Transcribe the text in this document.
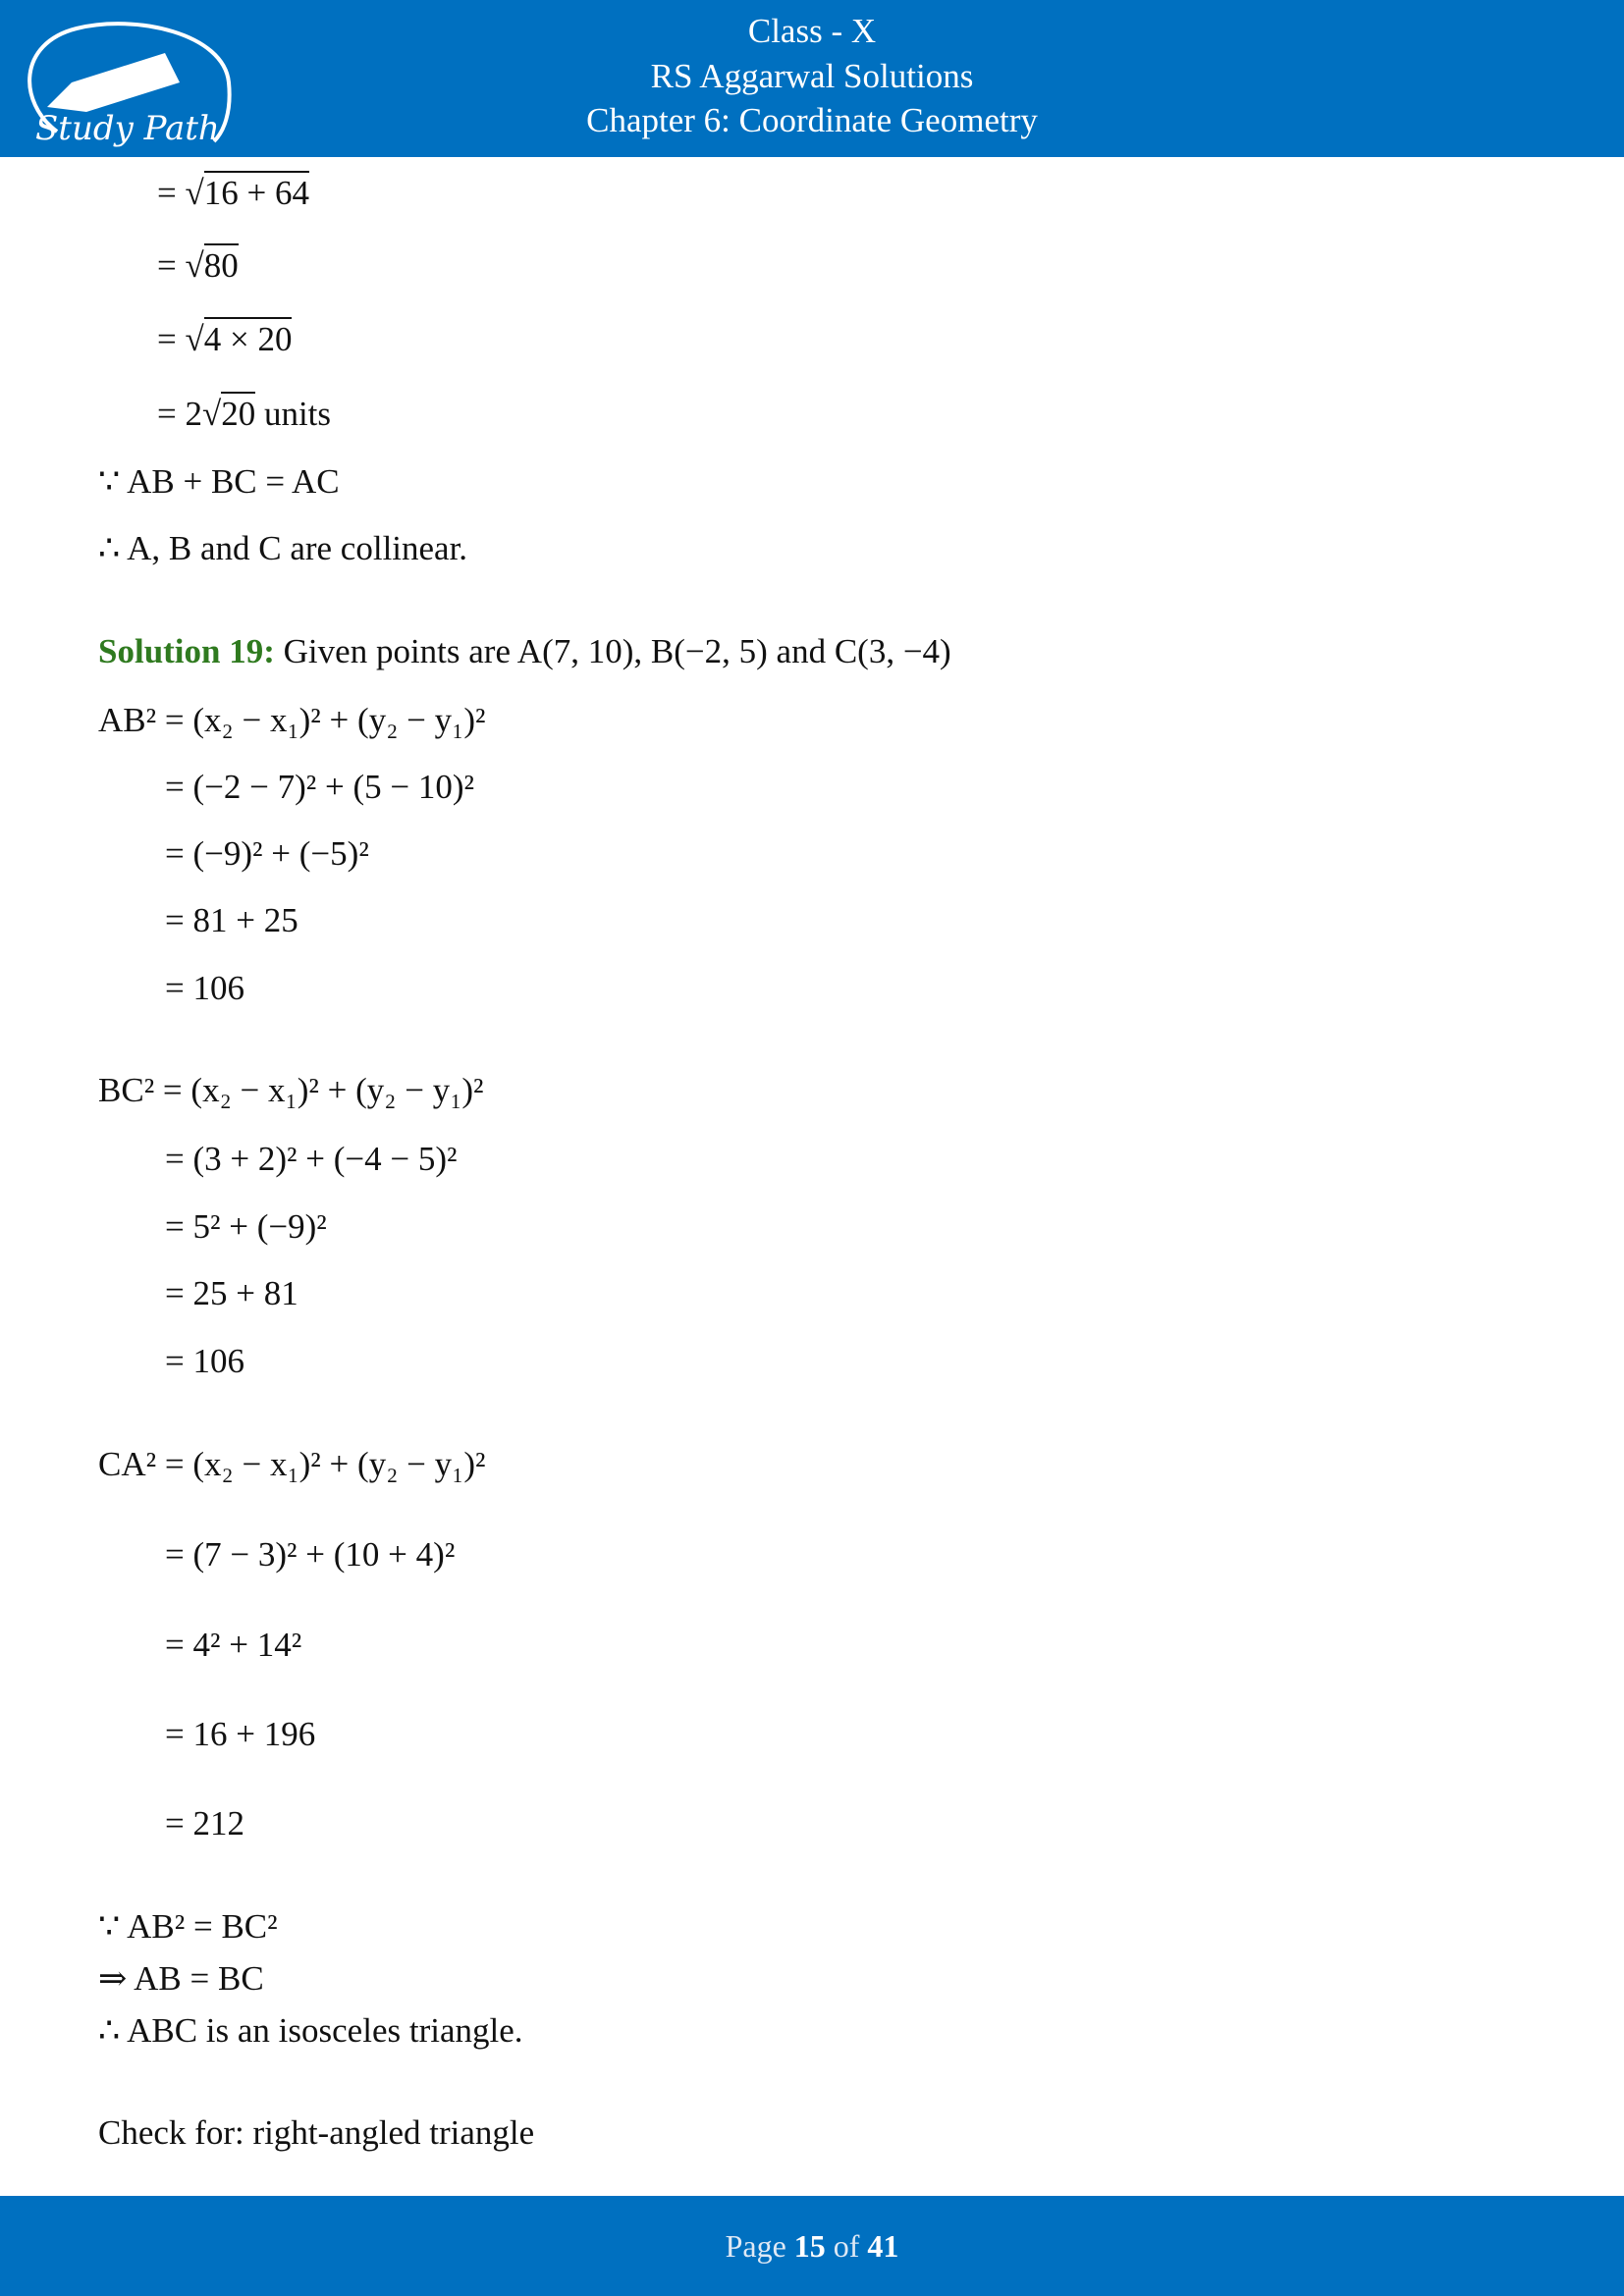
Study Path
Class - X
RS Aggarwal Solutions
Chapter 6: Coordinate Geometry
= √16 + 64
= √80
= √4 × 20
= 2√20 units
∵ AB + BC = AC
∴ A, B and C are collinear.
Solution 19: Given points are A(7, 10), B(−2, 5) and C(3, −4)
AB² = (x₂ − x₁)² + (y₂ − y₁)²
= (−2 − 7)² + (5 − 10)²
= (−9)² + (−5)²
= 81 + 25
= 106
BC² = (x₂ − x₁)² + (y₂ − y₁)²
= (3 + 2)² + (−4 − 5)²
= 5² + (−9)²
= 25 + 81
= 106
CA² = (x₂ − x₁)² + (y₂ − y₁)²
= (7 − 3)² + (10 + 4)²
= 4² + 14²
= 16 + 196
= 212
∵ AB² = BC²
⇒ AB = BC
∴ ABC is an isosceles triangle.
Check for: right-angled triangle
Page 15 of 41
